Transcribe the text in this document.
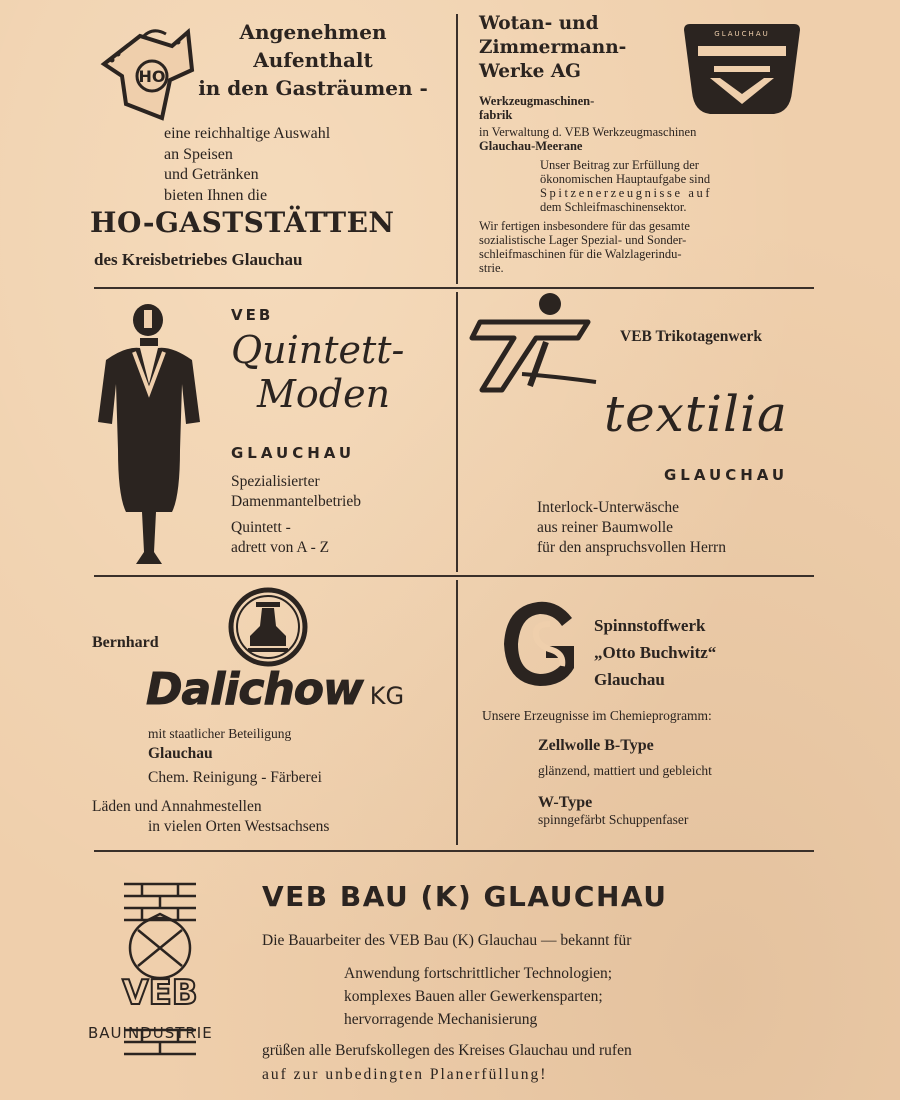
HO
Angenehmen
Aufenthalt
in den Gasträumen -
eine reichhaltige Auswahl
an Speisen
und Getränken
bieten Ihnen die
HO-GASTSTÄTTEN
des Kreisbetriebes Glauchau
Wotan- und
Zimmermann-
Werke AG
GLAUCHAU
Werkzeugmaschinen-
fabrik
in Verwaltung d. VEB Werkzeugmaschinen
Glauchau-Meerane
Unser Beitrag zur Erfüllung der
ökonomischen Hauptaufgabe sind
Spitzenerzeugnisse auf
dem Schleifmaschinensektor.
Wir fertigen insbesondere für das gesamte
sozialistische Lager Spezial- und Sonder-
schleifmaschinen für die Walzlagerindu-
strie.
VEB
Quintett-
Moden
GLAUCHAU
Spezialisierter
Damenmantelbetrieb
Quintett -
adrett von A - Z
VEB Trikotagenwerk
textilia
GLAUCHAU
Interlock-Unterwäsche
aus reiner Baumwolle
für den anspruchsvollen Herrn
Bernhard
Dalichow KG
mit staatlicher Beteiligung
Glauchau
Chem. Reinigung - Färberei
Läden und Annahmestellen
in vielen Orten Westsachsens
Spinnstoffwerk
„Otto Buchwitz“
Glauchau
Unsere Erzeugnisse im Chemieprogramm:
Zellwolle B-Type
glänzend, mattiert und gebleicht
W-Type
spinngefärbt Schuppenfaser
VEB
BAUINDUSTRIE
VEB BAU (K) GLAUCHAU
Die Bauarbeiter des VEB Bau (K) Glauchau — bekannt für
Anwendung fortschrittlicher Technologien;
komplexes Bauen aller Gewerkensparten;
hervorragende Mechanisierung
grüßen alle Berufskollegen des Kreises Glauchau und rufen
auf zur unbedingten Planerfüllung!
